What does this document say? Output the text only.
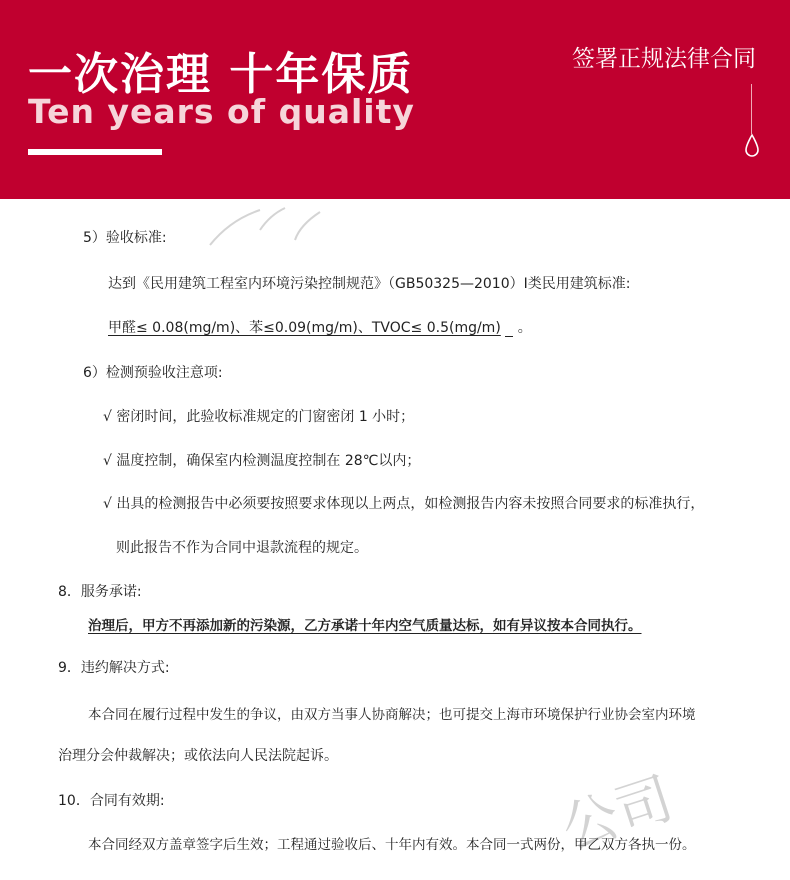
一次治理 十年保质
Ten years of quality
签署正规法律合同
公司
5）验收标准:
达到《民用建筑工程室内环境污染控制规范》（GB50325—2010）Ⅰ类民用建筑标准:
甲醛≤ 0.08(mg/m)、苯≤0.09(mg/m)、TVOC≤ 0.5(mg/m) 。
6）检测预验收注意项:
√ 密闭时间，此验收标准规定的门窗密闭 1 小时；
√ 温度控制，确保室内检测温度控制在 28℃以内；
√ 出具的检测报告中必须要按照要求体现以上两点，如检测报告内容未按照合同要求的标准执行，
则此报告不作为合同中退款流程的规定。
8．服务承诺:
治理后，甲方不再添加新的污染源，乙方承诺十年内空气质量达标，如有异议按本合同执行。
9．违约解决方式:
本合同在履行过程中发生的争议，由双方当事人协商解决；也可提交上海市环境保护行业协会室内环境
治理分会仲裁解决；或依法向人民法院起诉。
10．合同有效期:
本合同经双方盖章签字后生效；工程通过验收后、十年内有效。本合同一式两份，甲乙双方各执一份。
